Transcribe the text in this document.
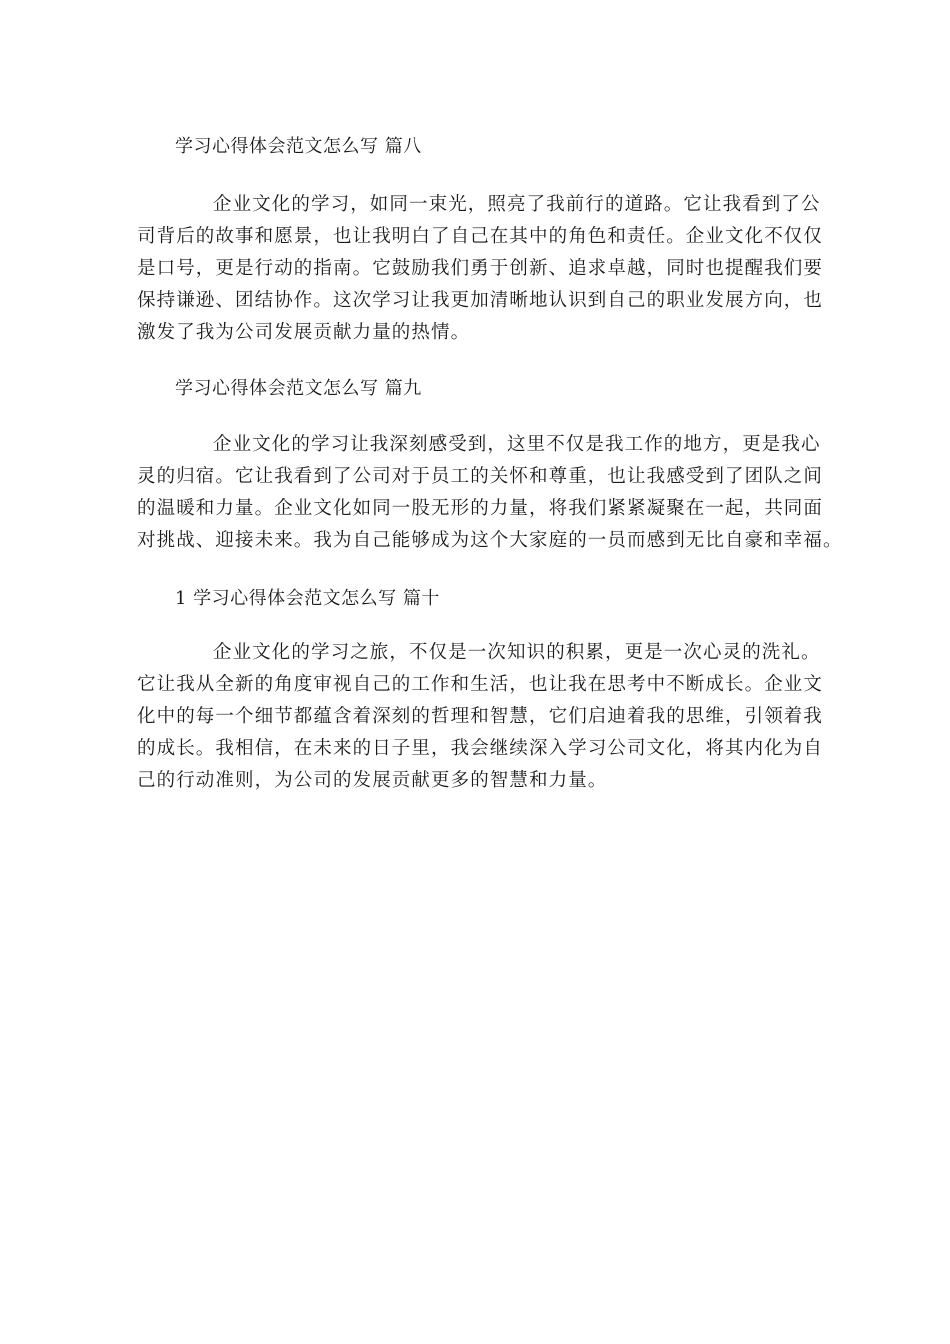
学习心得体会范文怎么写 篇八
企业文化的学习，如同一束光，照亮了我前行的道路。它让我看到了公
司背后的故事和愿景，也让我明白了自己在其中的角色和责任。企业文化不仅仅
是口号，更是行动的指南。它鼓励我们勇于创新、追求卓越，同时也提醒我们要
保持谦逊、团结协作。这次学习让我更加清晰地认识到自己的职业发展方向，也
激发了我为公司发展贡献力量的热情。
学习心得体会范文怎么写 篇九
企业文化的学习让我深刻感受到，这里不仅是我工作的地方，更是我心
灵的归宿。它让我看到了公司对于员工的关怀和尊重，也让我感受到了团队之间
的温暖和力量。企业文化如同一股无形的力量，将我们紧紧凝聚在一起，共同面
对挑战、迎接未来。我为自己能够成为这个大家庭的一员而感到无比自豪和幸福。
1 学习心得体会范文怎么写 篇十
企业文化的学习之旅，不仅是一次知识的积累，更是一次心灵的洗礼。
它让我从全新的角度审视自己的工作和生活，也让我在思考中不断成长。企业文
化中的每一个细节都蕴含着深刻的哲理和智慧，它们启迪着我的思维，引领着我
的成长。我相信，在未来的日子里，我会继续深入学习公司文化，将其内化为自
己的行动准则，为公司的发展贡献更多的智慧和力量。
